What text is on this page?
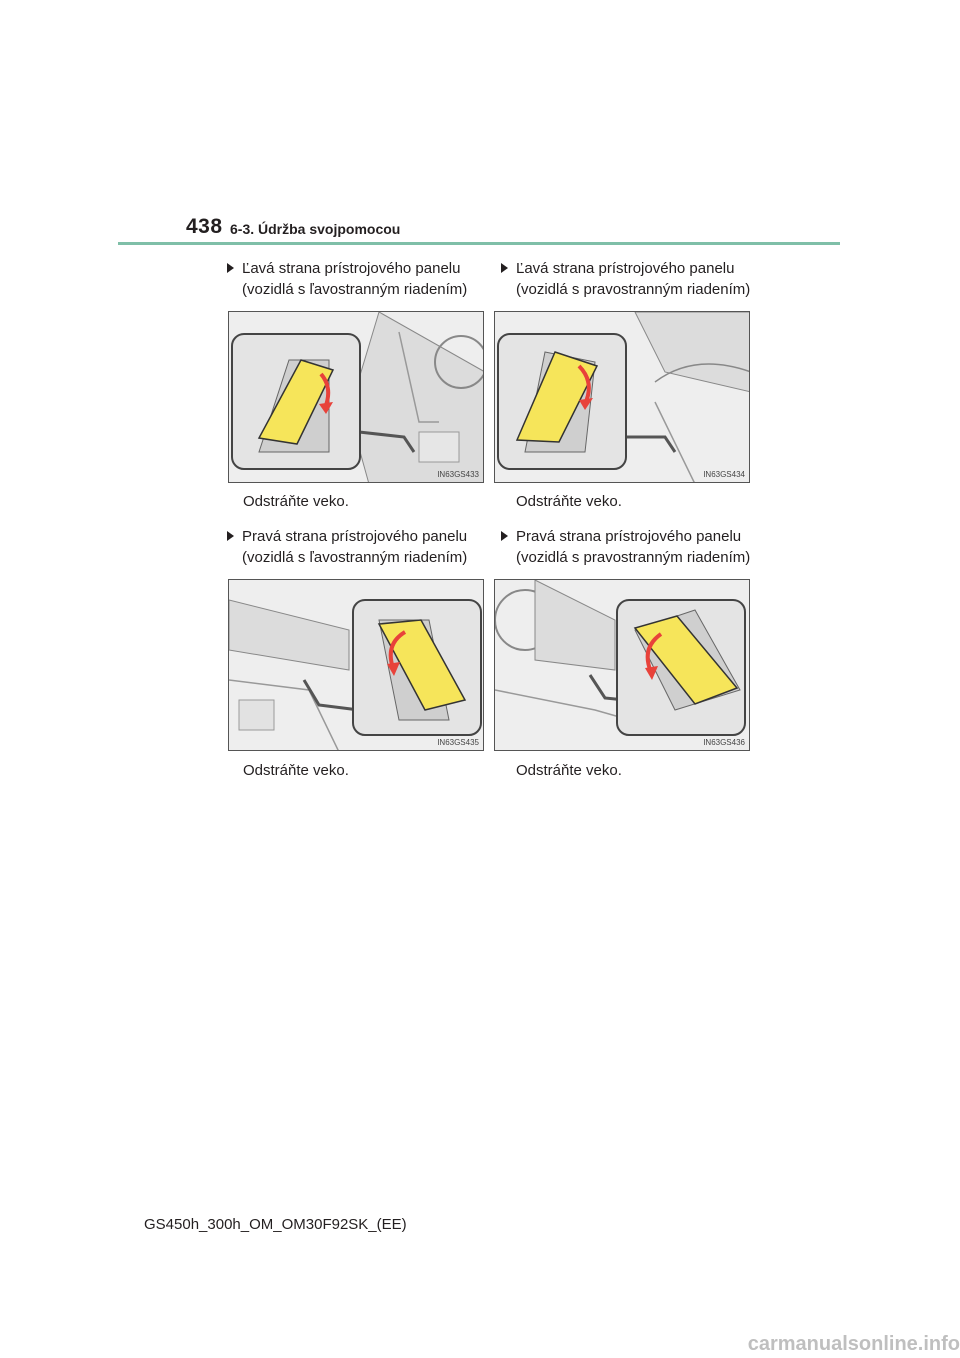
438 6-3. Údržba svojpomocou
Ľavá strana prístrojového panelu
(vozidlá s ľavostranným riadením)
IN63GS433
Odstráňte veko.
Ľavá strana prístrojového panelu
(vozidlá s pravostranným riadením)
IN63GS434
Odstráňte veko.
Pravá strana prístrojového panelu
(vozidlá s ľavostranným riadením)
IN63GS435
Odstráňte veko.
Pravá strana prístrojového panelu
(vozidlá s pravostranným riadením)
IN63GS436
Odstráňte veko.
GS450h_300h_OM_OM30F92SK_(EE)
carmanualsonline.info
